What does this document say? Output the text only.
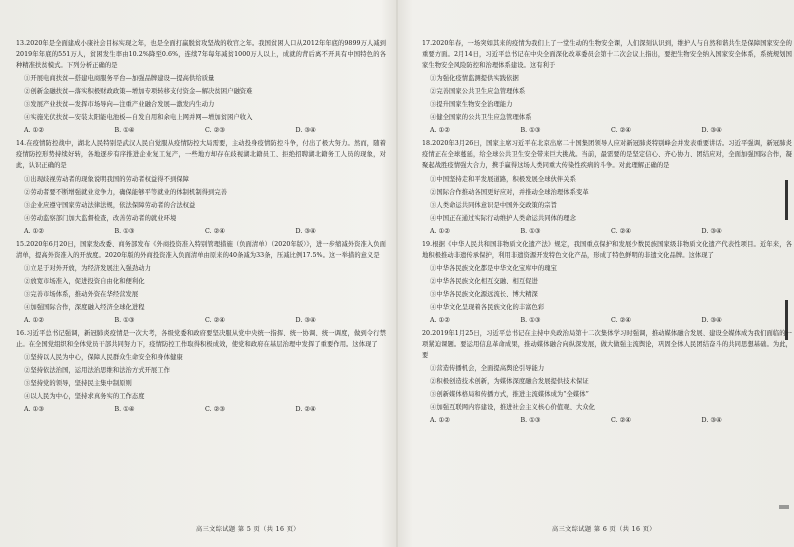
13.2020年是全面建成小康社会目标实现之年，也是全面打赢脱贫攻坚战的收官之年。我国贫困人口从2012年年底的9899万人减到2019年年底的551万人，贫困发生率由10.2%降至0.6%，连续7年每年减贫1000万人以上，成就的背后离不开具有中国特色的各种精准扶贫模式。下列分析正确的是

①开展电商扶贫—搭建电商服务平台—加强品牌建设—提高供给质量

②创新金融扶贫—落实积极财政政策—增加专项转移支付资金—解决贫困户融资难

③发展产业扶贫—发挥市场导向—注重产业融合发展—激发内生动力

④实施光伏扶贫—安装太阳能电池板—自发自用和余电上网并网—增加贫困户收入

A. ①②	B. ①④	C. ②③	D. ③④

14.在疫情防控战中，湖北人民特别是武汉人民自觉服从疫情防控大局需要，主动投身疫情防控斗争，付出了极大努力。然而，随着疫情防控形势持续好转，各地逐步有序推进企业复工复产，一些地方却存在歧视湖北籍员工、拒绝招聘湖北籍务工人员的现象，对此，认识正确的是

①出现歧视劳动者的现象说明我国的劳动者权益得不到保障

②劳动者要不断增强就业竞争力，确保能够平等就业的体制机制得到完善

③企业应遵守国家劳动法律法规，依法保障劳动者的合法权益

④劳动监察部门加大监督检查，改善劳动者的就业环境

A. ①②	B. ①③	C. ②④	D. ③④

15.2020年6月20日，国家发改委、商务部发布《外商投资准入特别管理措施（负面清单）（2020年版）》，进一步缩减外资准入负面清单，提高外资准入的开放度。2020年版的外商投资准入负面清单由原来的40条减为33条，压减比例17.5%。这一举措的意义是

①立足于对外开放，为经济发展注入强劲动力

②放宽市场准入，促进投资自由化和便利化

③完善市场体系，推动外资在华经营发展

④加强国际合作，深度融入经济全球化进程

A. ①②	B. ①③	C. ②④	D. ③④

16.习近平总书记强调，新冠肺炎疫情是一次大考，各级党委和政府要坚决服从党中央统一指挥、统一协调、统一调度，做到令行禁止。在全国党组织和全体党员干部共同努力下，疫情防控工作取得积极成效，使党和政府在基层治理中发挥了重要作用。这体现了

①坚持以人民为中心，保障人民群众生命安全和身体健康

②坚持依法治国，运用法治思维和法治方式开展工作

③坚持党的领导，坚持民主集中制原则

④以人民为中心，坚持求真务实的工作态度

A. ①③	B. ①④	C. ②③	D. ②④

17.2020年春，一场突如其来的疫情为我们上了一堂生动的生物安全课，人们深刻认识到，维护人与自然和谐共生是保障国家安全的重要方面。2月14日，习近平总书记在中央全面深化改革委员会第十二次会议上指出，要把生物安全纳入国家安全体系，系统规划国家生物安全风险防控和治理体系建设。这有利于

①为强化疫情监测提供实践依据

②完善国家公共卫生应急管理体系

③提升国家生物安全治理能力

④健全国家的公共卫生应急管理体系

A. ①②	B. ①③	C. ②④	D. ③④

18.2020年3月26日，国家主席习近平在北京出席二十国集团领导人应对新冠肺炎特别峰会并发表重要讲话。习近平强调，新冠肺炎疫情正在全球蔓延，给全球公共卫生安全带来巨大挑战。当前，最需要的是坚定信心、齐心协力、团结应对，全面加强国际合作，凝聚起战胜疫情强大合力，携手赢得这场人类同重大传染性疾病的斗争。对此理解正确的是

①中国坚持走和平发展道路，积极发展全球伙伴关系

②国际合作推动各国更好应对，并推动全球治理体系变革

③人类命运共同体意识是中国外交政策的宗旨

④中国正在通过实际行动维护人类命运共同体的理念

A. ①②	B. ①③	C. ②④	D. ③④

19.根据《中华人民共和国非物质文化遗产法》规定，我国重点保护和发展少数民族国家级非物质文化遗产代表性项目。近年来，各地积极推动非遗传承保护，利用非遗资源开发特色文化产品，形成了特色鲜明的非遗文化品牌。这体现了

①中华各民族文化都是中华文化宝库中的瑰宝

②中华各民族文化相互交融、相互促进

③中华各民族文化源远流长、博大精深

④中华文化呈现着各民族文化的丰富色彩

A. ①②	B. ①③	C. ②④	D. ③④

20.2019年1月25日，习近平总书记在主持中央政治局第十二次集体学习时强调，推动媒体融合发展、建设全媒体成为我们面临的一项紧迫课题。要运用信息革命成果，推动媒体融合向纵深发展，做大做强主流舆论，巩固全体人民团结奋斗的共同思想基础。为此，要

①营造传播机会，全面提高舆论引导能力

②积极创造技术创新，为媒体深度融合发展提供技术保证

③创新媒体格局和传播方式，推进主流媒体成为“全媒体”

④加强互联网内容建设，推进社会主义核心价值观、大众化

A. ①②	B. ①③	C. ②④	D. ③④
高三文综试题 第 5 页（共 16 页）	高三文综试题 第 6 页（共 16 页）
